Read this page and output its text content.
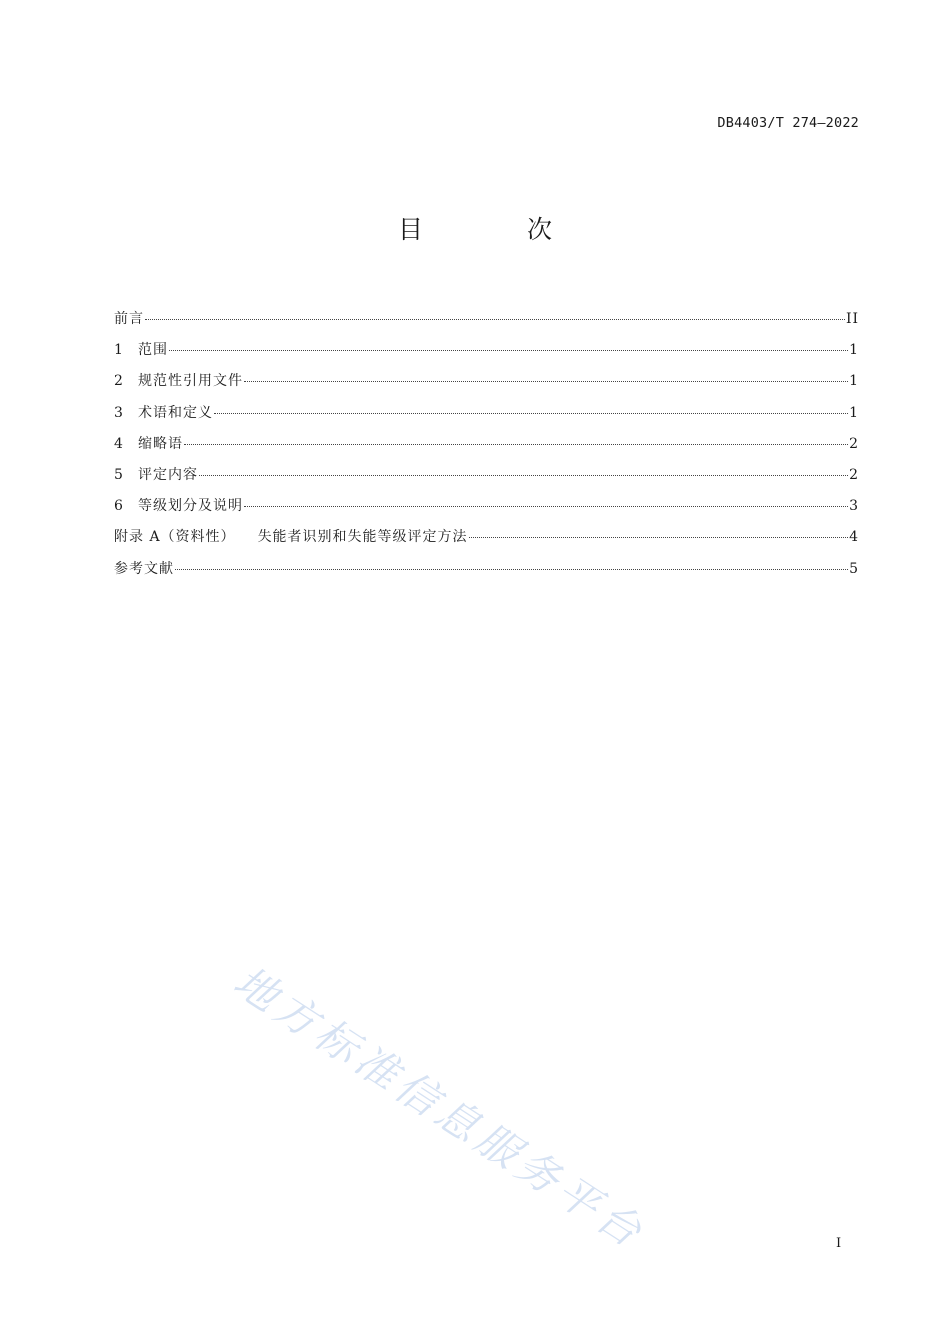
DB4403/T 274—2022
目 次
前言	II
1	范围	1
2	规范性引用文件	1
3	术语和定义	1
4	缩略语	2
5	评定内容	2
6	等级划分及说明	3
附录 A（资料性） 失能者识别和失能等级评定方法	4
参考文献	5
地方标准信息服务平台	I
